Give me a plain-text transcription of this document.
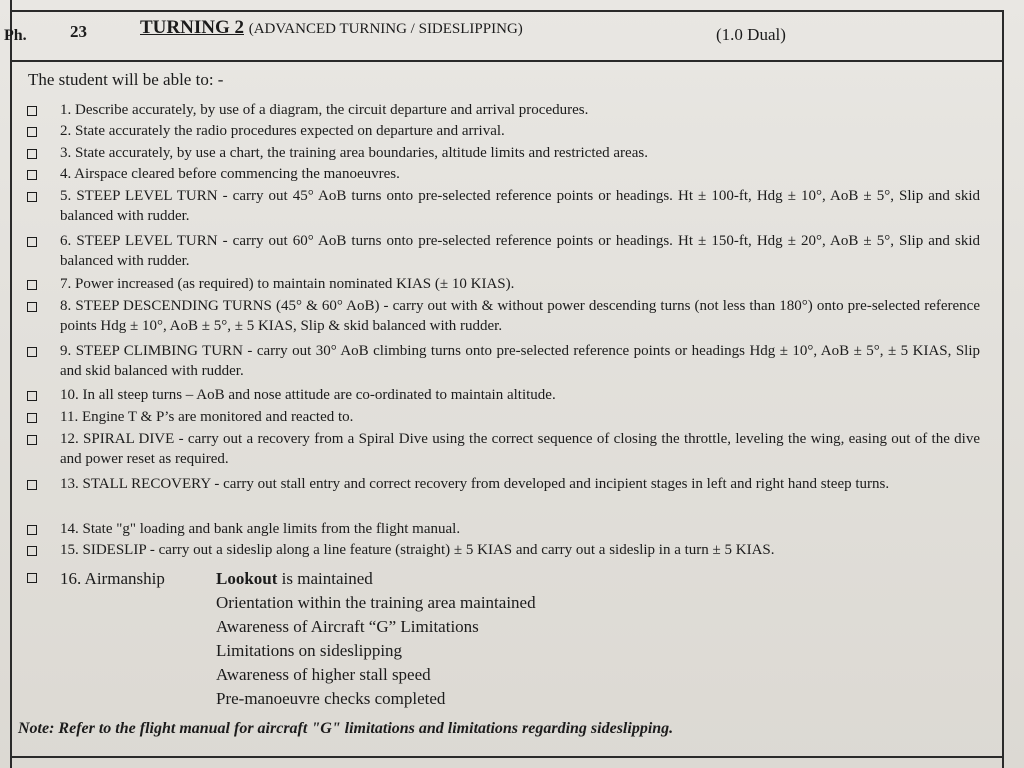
Ph.	23	TURNING 2 (ADVANCED TURNING / SIDESLIPPING)	(1.0 Dual)
The student will be able to: -
1. Describe accurately, by use of a diagram, the circuit departure and arrival procedures.
2. State accurately the radio procedures expected on departure and arrival.
3. State accurately, by use a chart, the training area boundaries, altitude limits and restricted areas.
4. Airspace cleared before commencing the manoeuvres.
5. STEEP LEVEL TURN - carry out 45° AoB turns onto pre-selected reference points or headings. Ht ± 100-ft, Hdg ± 10°, AoB ± 5°, Slip and skid balanced with rudder.
6. STEEP LEVEL TURN - carry out 60° AoB turns onto pre-selected reference points or headings. Ht ± 150-ft, Hdg ± 20°, AoB ± 5°, Slip and skid balanced with rudder.
7. Power increased (as required) to maintain nominated KIAS (± 10 KIAS).
8. STEEP DESCENDING TURNS (45° & 60° AoB) - carry out with & without power descending turns (not less than 180°) onto pre-selected reference points Hdg ± 10°, AoB ± 5°, ± 5 KIAS, Slip & skid balanced with rudder.
9. STEEP CLIMBING TURN - carry out 30° AoB climbing turns onto pre-selected reference points or headings Hdg ± 10°, AoB ± 5°, ± 5 KIAS, Slip and skid balanced with rudder.
10. In all steep turns – AoB and nose attitude are co-ordinated to maintain altitude.
11. Engine T & P’s are monitored and reacted to.
12. SPIRAL DIVE - carry out a recovery from a Spiral Dive using the correct sequence of closing the throttle, leveling the wing, easing out of the dive and power reset as required.
13. STALL RECOVERY - carry out stall entry and correct recovery from developed and incipient stages in left and right hand steep turns.
14. State "g" loading and bank angle limits from the flight manual.
15. SIDESLIP - carry out a sideslip along a line feature (straight) ± 5 KIAS and carry out a sideslip in a turn ± 5 KIAS.
16. Airmanship	Lookout is maintained
Orientation within the training area maintained
Awareness of Aircraft “G” Limitations
Limitations on sideslipping
Awareness of higher stall speed
Pre-manoeuvre checks completed
Note: Refer to the flight manual for aircraft "G" limitations and limitations regarding sideslipping.
